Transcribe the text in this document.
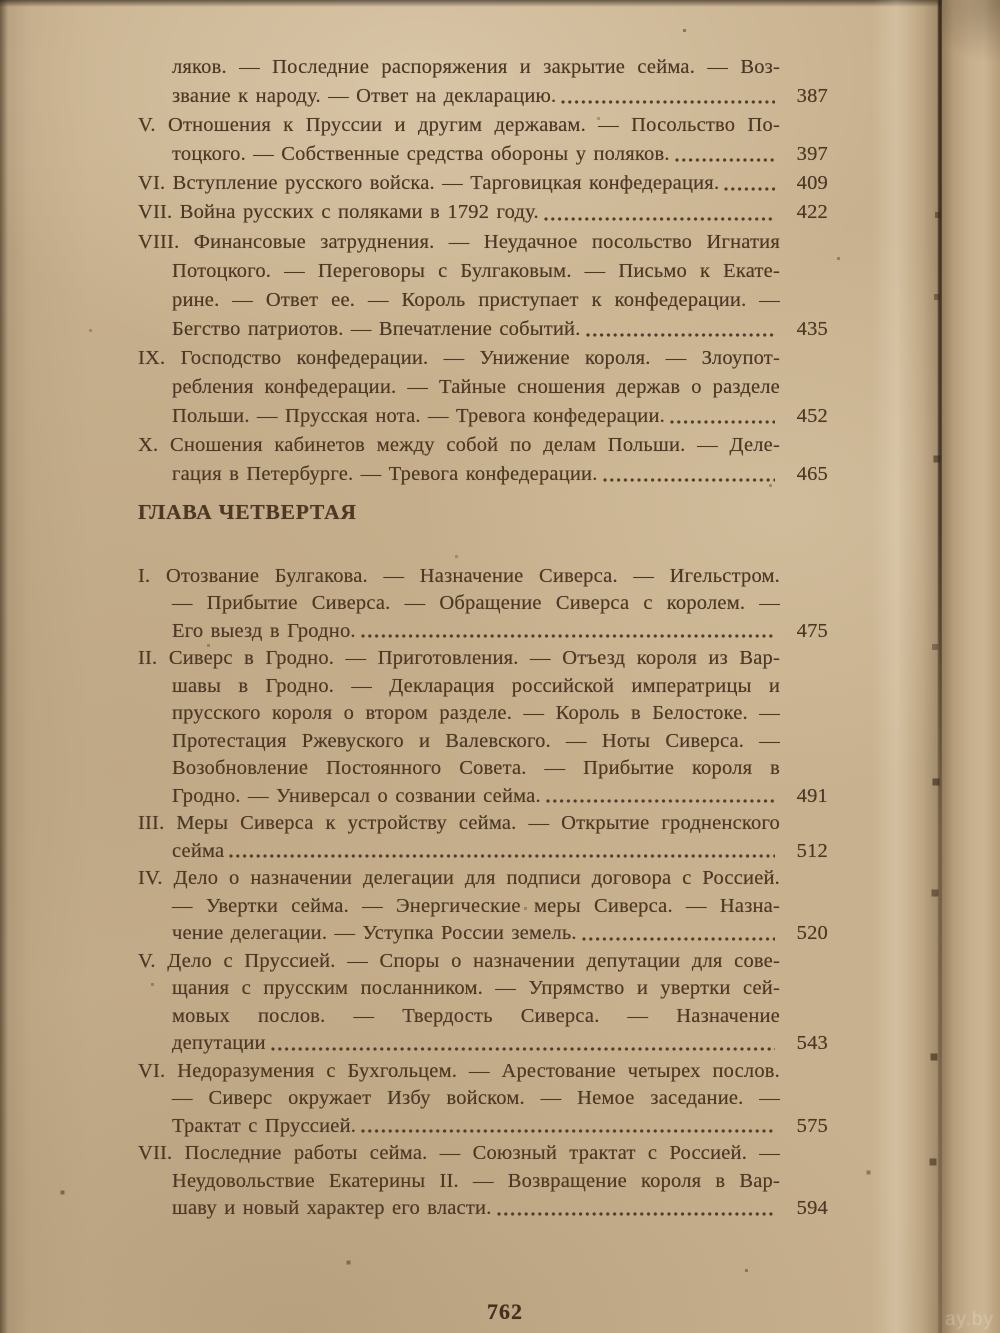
ляков. — Последние распоряжения и закрытие сейма. — Воз-
звание к народу. — Ответ на декларацию.	387
V. Отношения к Пруссии и другим державам. — Посольство По-
тоцкого. — Собственные средства обороны у поляков.	397
VI. Вступление русского войска. — Тарговицкая конфедерация.	409
VII. Война русских с поляками в 1792 году.	422
VIII. Финансовые затруднения. — Неудачное посольство Игнатия
Потоцкого. — Переговоры с Булгаковым. — Письмо к Екате-
рине. — Ответ ее. — Король приступает к конфедерации. —
Бегство патриотов. — Впечатление событий.	435
IX. Господство конфедерации. — Унижение короля. — Злоупот-
ребления конфедерации. — Тайные сношения держав о разделе
Польши. — Прусская нота. — Тревога конфедерации.	452
X. Сношения кабинетов между собой по делам Польши. — Деле-
гация в Петербурге. — Тревога конфедерации.	465
ГЛАВА ЧЕТВЕРТАЯ
I. Отозвание Булгакова. — Назначение Сиверса. — Игельстром.
— Прибытие Сиверса. — Обращение Сиверса с королем. —
Его выезд в Гродно.	475
II. Сиверс в Гродно. — Приготовления. — Отъезд короля из Вар-
шавы в Гродно. — Декларация российской императрицы и
прусского короля о втором разделе. — Король в Белостоке. —
Протестация Ржевуского и Валевского. — Ноты Сиверса. —
Возобновление Постоянного Совета. — Прибытие короля в
Гродно. — Универсал о созвании сейма.	491
III. Меры Сиверса к устройству сейма. — Открытие гродненского
сейма	512
IV. Дело о назначении делегации для подписи договора с Россией.
— Увертки сейма. — Энергические меры Сиверса. — Назна-
чение делегации. — Уступка России земель.	520
V. Дело с Пруссией. — Споры о назначении депутации для сове-
щания с прусским посланником. — Упрямство и увертки сей-
мовых послов. — Твердость Сиверса. — Назначение
депутации	543
VI. Недоразумения с Бухгольцем. — Арестование четырех послов.
— Сиверс окружает Избу войском. — Немое заседание. —
Трактат с Пруссией.	575
VII. Последние работы сейма. — Союзный трактат с Россией. —
Неудовольствие Екатерины II. — Возвращение короля в Вар-
шаву и новый характер его власти.	594
762	ay.by
